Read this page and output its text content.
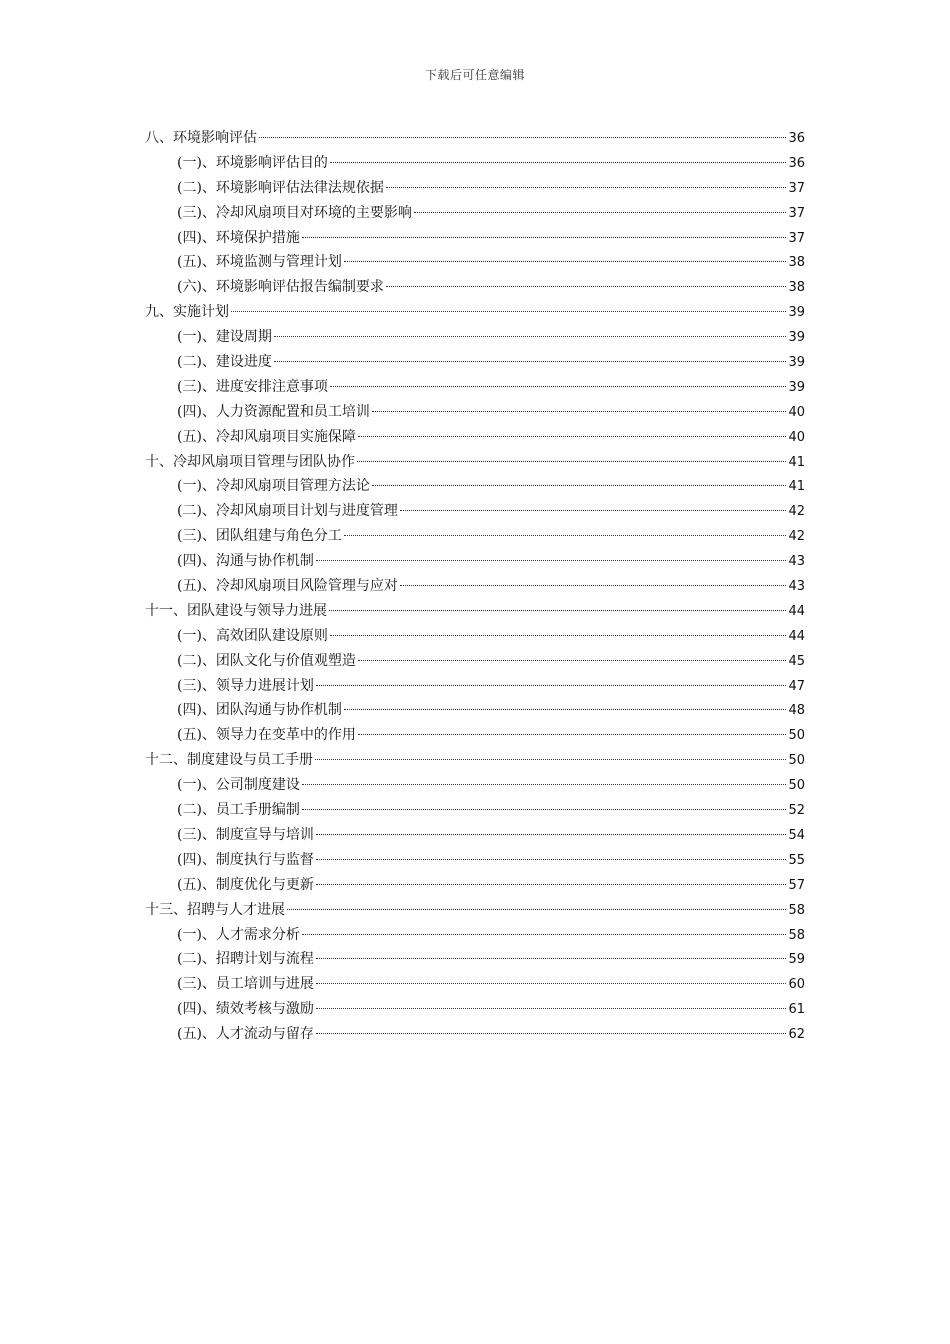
下载后可任意编辑
八、环境影响评估	36
(一)、环境影响评估目的	36
(二)、环境影响评估法律法规依据	37
(三)、冷却风扇项目对环境的主要影响	37
(四)、环境保护措施	37
(五)、环境监测与管理计划	38
(六)、环境影响评估报告编制要求	38
九、实施计划	39
(一)、建设周期	39
(二)、建设进度	39
(三)、进度安排注意事项	39
(四)、人力资源配置和员工培训	40
(五)、冷却风扇项目实施保障	40
十、冷却风扇项目管理与团队协作	41
(一)、冷却风扇项目管理方法论	41
(二)、冷却风扇项目计划与进度管理	42
(三)、团队组建与角色分工	42
(四)、沟通与协作机制	43
(五)、冷却风扇项目风险管理与应对	43
十一、团队建设与领导力进展	44
(一)、高效团队建设原则	44
(二)、团队文化与价值观塑造	45
(三)、领导力进展计划	47
(四)、团队沟通与协作机制	48
(五)、领导力在变革中的作用	50
十二、制度建设与员工手册	50
(一)、公司制度建设	50
(二)、员工手册编制	52
(三)、制度宣导与培训	54
(四)、制度执行与监督	55
(五)、制度优化与更新	57
十三、招聘与人才进展	58
(一)、人才需求分析	58
(二)、招聘计划与流程	59
(三)、员工培训与进展	60
(四)、绩效考核与激励	61
(五)、人才流动与留存	62
